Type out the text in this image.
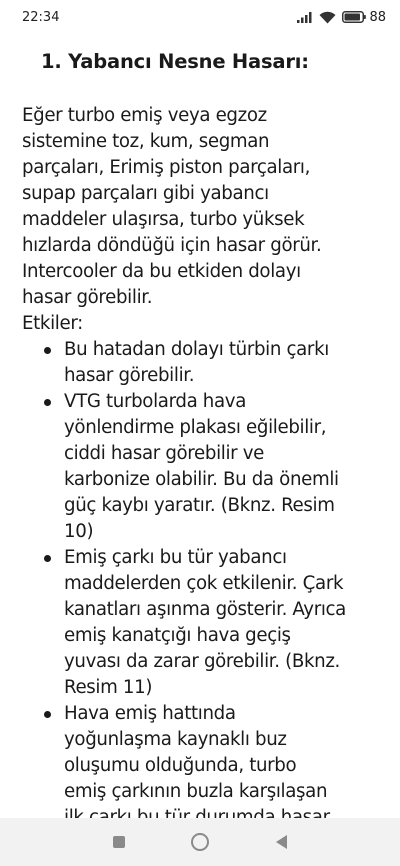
22:34	88
1. Yabancı Nesne Hasarı:

Eğer turbo emiş veya egzoz
sistemine toz, kum, segman
parçaları, Erimiş piston parçaları,
supap parçaları gibi yabancı
maddeler ulaşırsa, turbo yüksek
hızlarda döndüğü için hasar görür.
Intercooler da bu etkiden dolayı
hasar görebilir.

Etkiler:

Bu hatadan dolayı türbin çarkı
hasar görebilir.
VTG turbolarda hava
yönlendirme plakası eğilebilir,
ciddi hasar görebilir ve
karbonize olabilir. Bu da önemli
güç kaybı yaratır. (Bknz. Resim
10)
Emiş çarkı bu tür yabancı
maddelerden çok etkilenir. Çark
kanatları aşınma gösterir. Ayrıca
emiş kanatçığı hava geçiş
yuvası da zarar görebilir. (Bknz.
Resim 11)
Hava emiş hattında
yoğunlaşma kaynaklı buz
oluşumu olduğunda, turbo
emiş çarkının buzla karşılaşan
